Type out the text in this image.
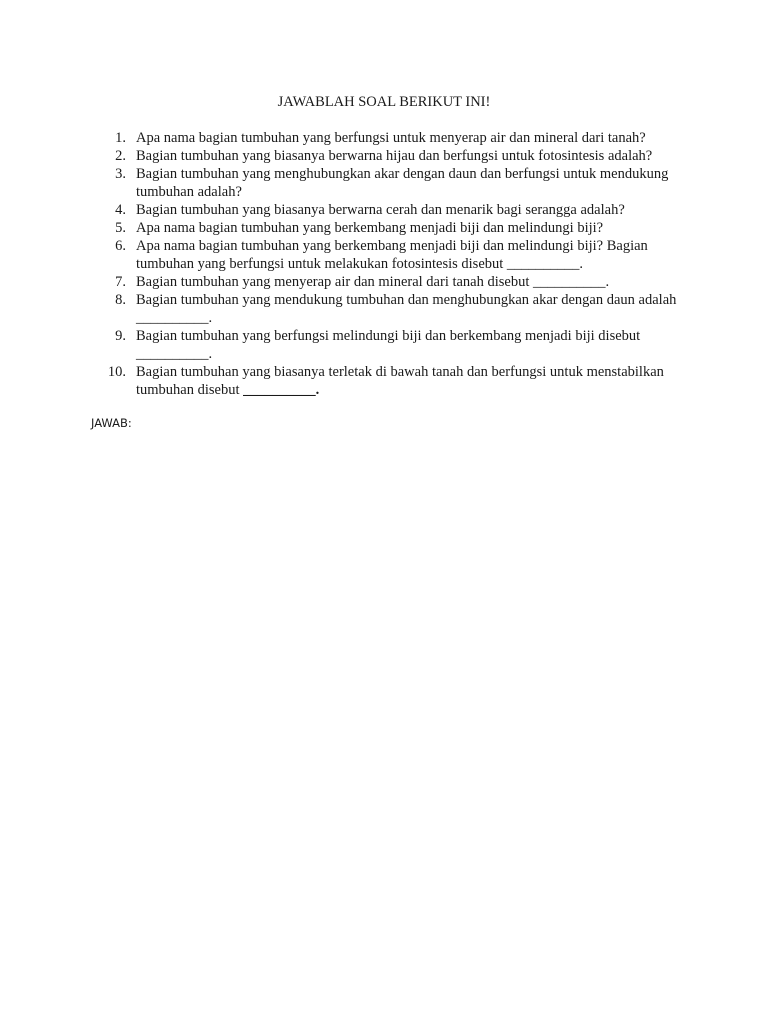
JAWABLAH SOAL BERIKUT INI!
1. Apa nama bagian tumbuhan yang berfungsi untuk menyerap air dan mineral dari tanah?
2. Bagian tumbuhan yang biasanya berwarna hijau dan berfungsi untuk fotosintesis adalah?
3. Bagian tumbuhan yang menghubungkan akar dengan daun dan berfungsi untuk mendukung tumbuhan adalah?
4. Bagian tumbuhan yang biasanya berwarna cerah dan menarik bagi serangga adalah?
5. Apa nama bagian tumbuhan yang berkembang menjadi biji dan melindungi biji?
6. Apa nama bagian tumbuhan yang berkembang menjadi biji dan melindungi biji? Bagian tumbuhan yang berfungsi untuk melakukan fotosintesis disebut __________.
7. Bagian tumbuhan yang menyerap air dan mineral dari tanah disebut __________.
8. Bagian tumbuhan yang mendukung tumbuhan dan menghubungkan akar dengan daun adalah __________.
9. Bagian tumbuhan yang berfungsi melindungi biji dan berkembang menjadi biji disebut __________.
10. Bagian tumbuhan yang biasanya terletak di bawah tanah dan berfungsi untuk menstabilkan tumbuhan disebut __________.
JAWAB:
